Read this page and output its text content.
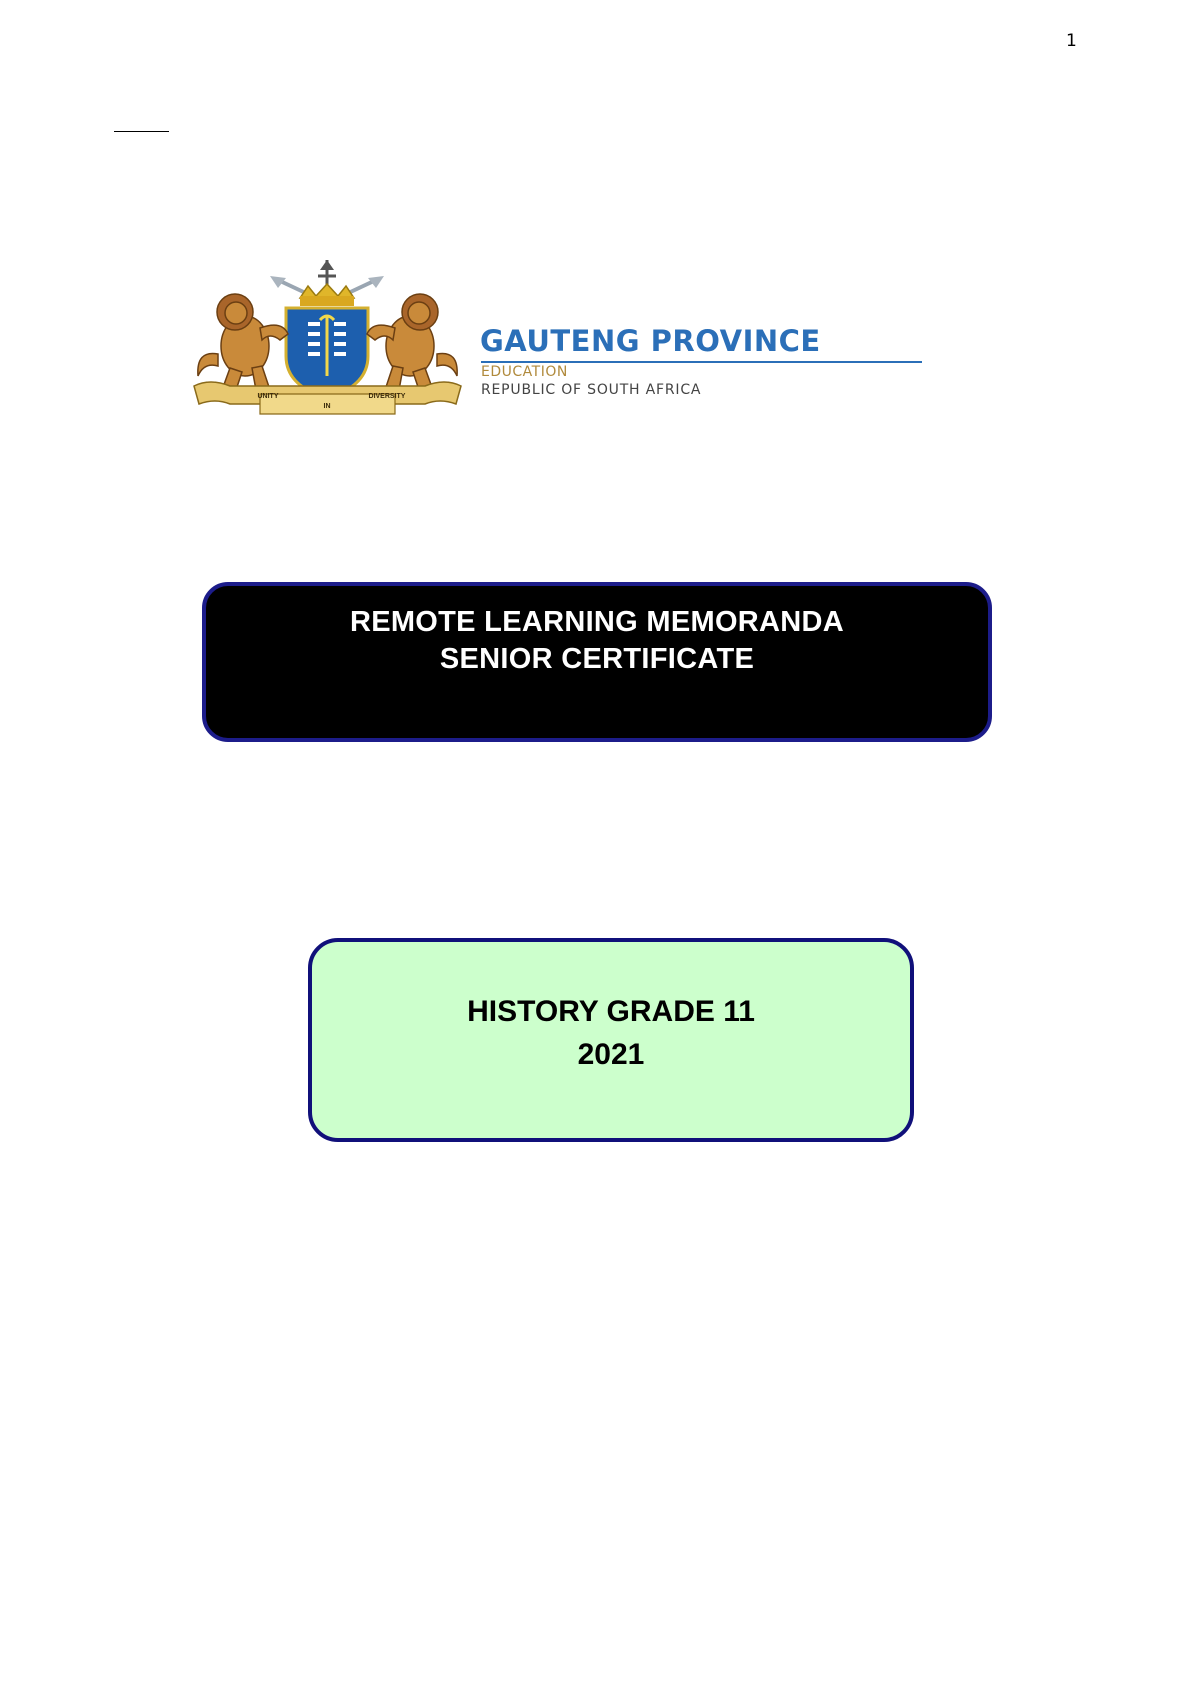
1
UNITY
IN
DIVERSITY
GAUTENG PROVINCE
EDUCATION
REPUBLIC OF SOUTH AFRICA
REMOTE LEARNING MEMORANDA
SENIOR CERTIFICATE
HISTORY GRADE 11
2021
